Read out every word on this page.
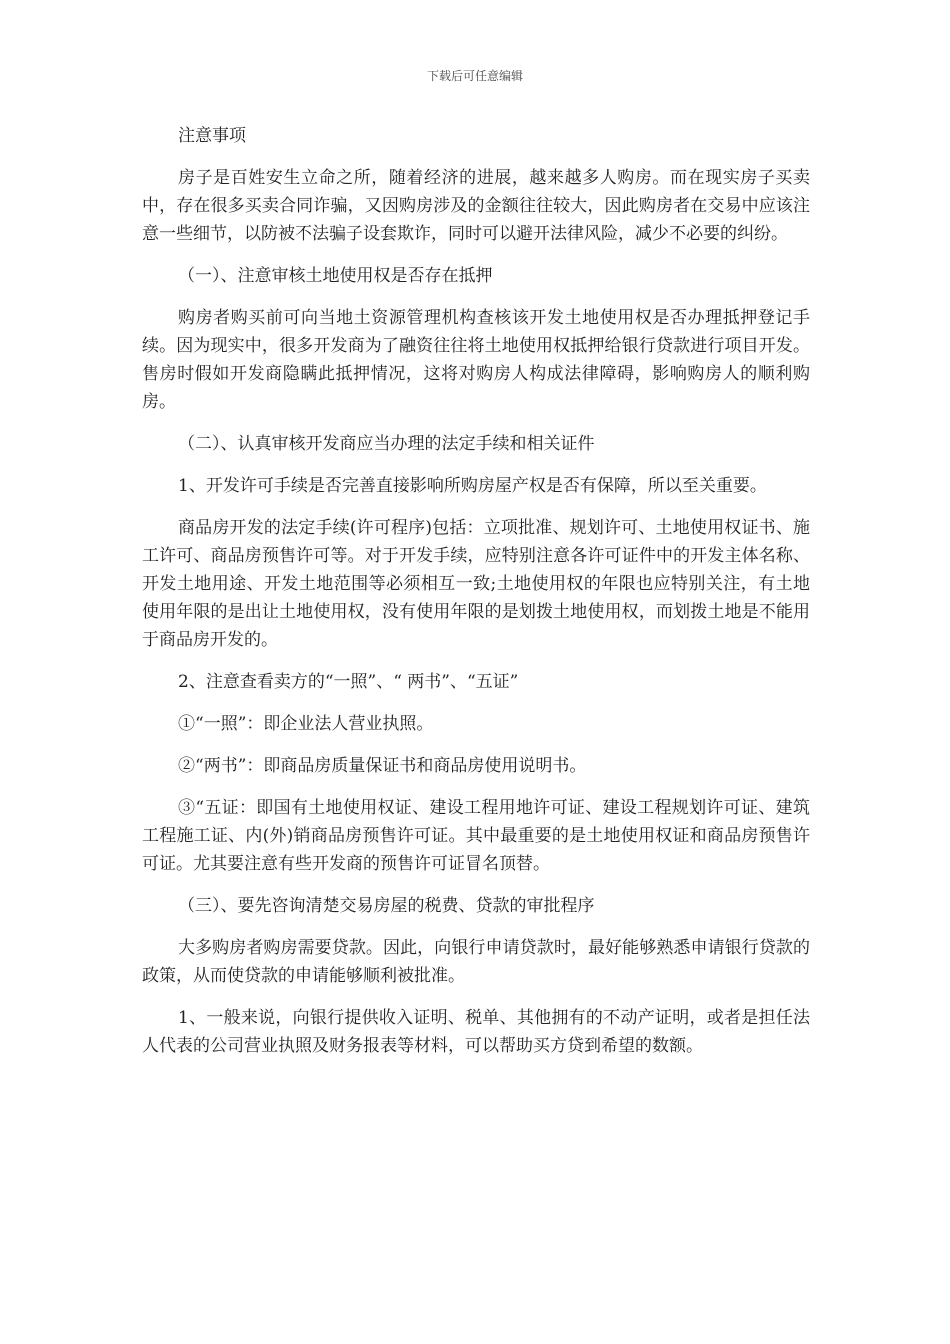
下载后可任意编辑

注意事项

房子是百姓安生立命之所，随着经济的进展，越来越多人购房。而在现实房子买卖中，存在很多买卖合同诈骗，又因购房涉及的金额往往较大，因此购房者在交易中应该注意一些细节，以防被不法骗子设套欺诈，同时可以避开法律风险，减少不必要的纠纷。

（一）、注意审核土地使用权是否存在抵押

购房者购买前可向当地土资源管理机构查核该开发土地使用权是否办理抵押登记手续。因为现实中，很多开发商为了融资往往将土地使用权抵押给银行贷款进行项目开发。售房时假如开发商隐瞒此抵押情况，这将对购房人构成法律障碍，影响购房人的顺利购房。

（二）、认真审核开发商应当办理的法定手续和相关证件

1、开发许可手续是否完善直接影响所购房屋产权是否有保障，所以至关重要。

商品房开发的法定手续(许可程序)包括：立项批准、规划许可、土地使用权证书、施工许可、商品房预售许可等。对于开发手续，应特别注意各许可证件中的开发主体名称、开发土地用途、开发土地范围等必须相互一致;土地使用权的年限也应特别关注，有土地使用年限的是出让土地使用权，没有使用年限的是划拨土地使用权，而划拨土地是不能用于商品房开发的。

2、注意查看卖方的“一照”、“ 两书”、“五证”

①“一照”：即企业法人营业执照。

②“两书”：即商品房质量保证书和商品房使用说明书。

③“五证：即国有土地使用权证、建设工程用地许可证、建设工程规划许可证、建筑工程施工证、内(外)销商品房预售许可证。其中最重要的是土地使用权证和商品房预售许可证。尤其要注意有些开发商的预售许可证冒名顶替。

（三）、要先咨询清楚交易房屋的税费、贷款的审批程序

大多购房者购房需要贷款。因此，向银行申请贷款时，最好能够熟悉申请银行贷款的政策，从而使贷款的申请能够顺利被批准。

1、一般来说，向银行提供收入证明、税单、其他拥有的不动产证明，或者是担任法人代表的公司营业执照及财务报表等材料，可以帮助买方贷到希望的数额。
